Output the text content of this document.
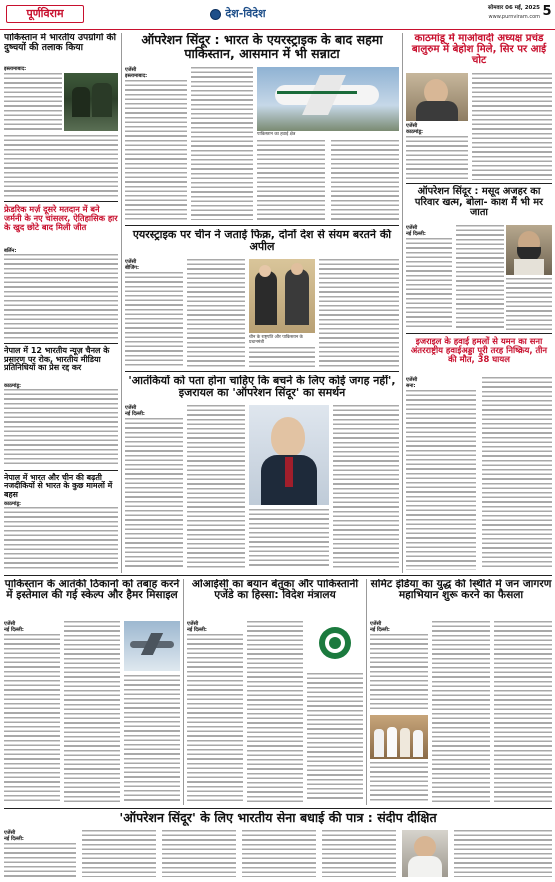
पूर्णविराम	देश-विदेश	सोमवार 06 मई, 2025
www.purnviram.com 5
पाकिस्तान में भारतीय उपग्रोगों की दुष्चयों की तलाक किया
इस्लामाबाद:
फ्रेडरिक मर्ज़ दूसरे मतदान में बने जर्मनी के नए चांसलर, ऐतिहासिक हार के खुद छोटे बाद मिली जीत
बर्लिन:
नेपाल में 12 भारतीय न्यूज़ चैनल के प्रसारण पर रोक, भारतीय मीडिया प्रतिनिधियों का प्रेस रद्द कर
काठमांडू:
नेपाल में भारत और चीन की बढ़ती नजदीकियों से भारत के कुछ मामलों में बहस
काठमांडू:
ऑपरेशन सिंदूर : भारत के एयरस्ट्राइक के बाद सहमा पाकिस्तान, आसमान में भी सन्नाटा
एजेंसी
इस्लामाबाद:
पाकिस्तान का हवाई क्षेत्र
एयरस्ट्राइक पर चीन ने जताई फिक्र, दोनों देश से संयम बरतने की अपील
एजेंसी
बीजिंग:
चीन के राष्ट्रपति और पाकिस्तान के प्रधानमंत्री
'आतंकियों को पता होना चाहिए कि बचने के लिए कोई जगह नहीं', इजरायल का 'ऑपरेशन सिंदूर' का समर्थन
एजेंसी
नई दिल्ली:
काठमांडू में माओवादी अध्यक्ष प्रचंड बालुरुम में बेहोश मिले, सिर पर आई चोट
एजेंसी
काठमांडू:
ऑपरेशन सिंदूर : मसूद अजहर का परिवार खत्म, बोला- काश मैं भी मर जाता
एजेंसी
नई दिल्ली:
इजराइल के हवाई हमलों से यमन का सना अंतरराष्ट्रीय हवाईअड्डा पूरी तरह निष्क्रिय, तीन की मौत, 38 घायल
एजेंसी
सना:
पाकिस्तान के आतंकी ठिकानों को तबाह करने में इस्तेमाल की गई स्केल्प और हैमर मिसाइल
एजेंसी
नई दिल्ली:
ओआईसी का बयान बेतुका और पाकिस्तानी एजेंडे का हिस्सा: विदेश मंत्रालय
एजेंसी
नई दिल्ली:
समिट इंडिया का युद्ध की स्थिति में जन जागरण महाभियान शुरू करने का फैसला
एजेंसी
नई दिल्ली:
'ऑपरेशन सिंदूर' के लिए भारतीय सेना बधाई की पात्र : संदीप दीक्षित
एजेंसी
नई दिल्ली:
